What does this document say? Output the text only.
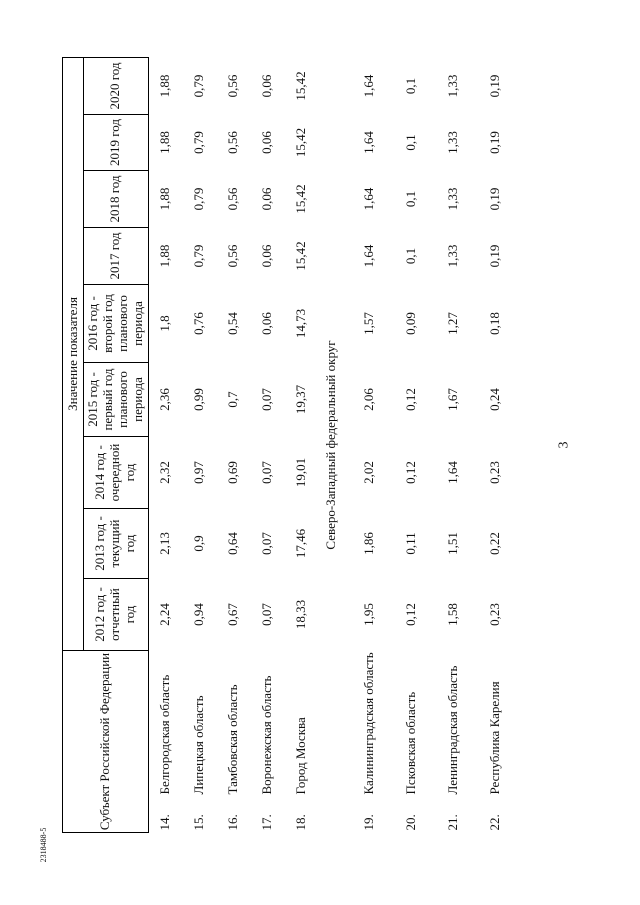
3
2318488-5
Субъект Российской Федерации		Значение показателя								
		2012 год - отчетный год	2013 год - текущий год	2014 год - очередной год	2015 год - первый год планового периода	2016 год - второй год планового периода	2017 год	2018 год	2019 год	2020 год
14.	Белгородская область	2,24	2,13	2,32	2,36	1,8	1,88	1,88	1,88	1,88
15.	Липецкая область	0,94	0,9	0,97	0,99	0,76	0,79	0,79	0,79	0,79
16.	Тамбовская область	0,67	0,64	0,69	0,7	0,54	0,56	0,56	0,56	0,56
17.	Воронежская область	0,07	0,07	0,07	0,07	0,06	0,06	0,06	0,06	0,06
18.	Город Москва	18,33	17,46	19,01	19,37	14,73	15,42	15,42	15,42	15,42
Северо-Западный федеральный округ										
19.	Калининградская область	1,95	1,86	2,02	2,06	1,57	1,64	1,64	1,64	1,64
20.	Псковская область	0,12	0,11	0,12	0,12	0,09	0,1	0,1	0,1	0,1
21.	Ленинградская область	1,58	1,51	1,64	1,67	1,27	1,33	1,33	1,33	1,33
22.	Республика Карелия	0,23	0,22	0,23	0,24	0,18	0,19	0,19	0,19	0,19
